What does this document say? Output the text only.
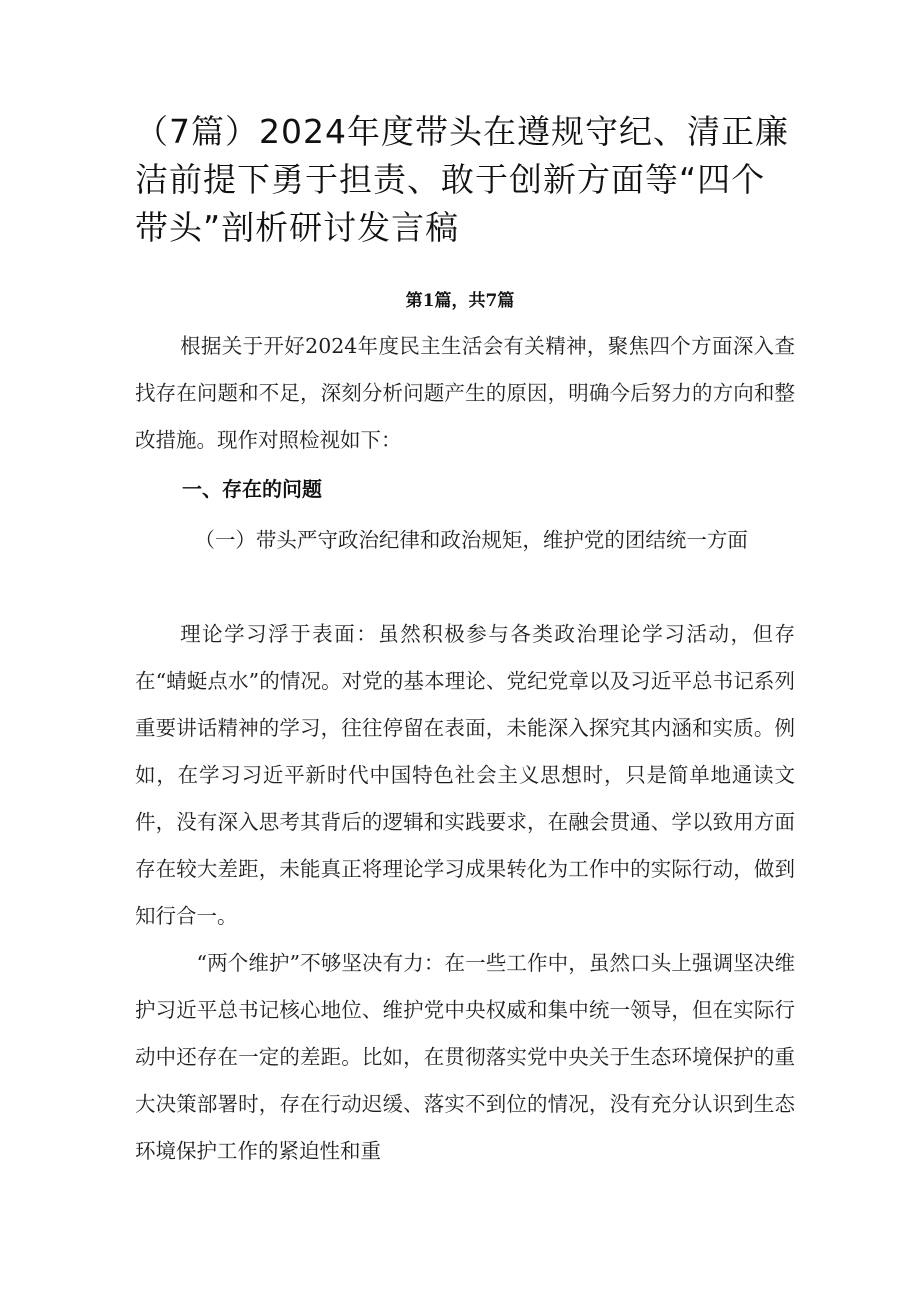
（7篇）2024年度带头在遵规守纪、清正廉洁前提下勇于担责、敢于创新方面等“四个带头”剖析研讨发言稿
第1篇，共7篇

根据关于开好2024年度民主生活会有关精神，聚焦四个方面深入查找存在问题和不足，深刻分析问题产生的原因，明确今后努力的方向和整改措施。现作对照检视如下：

一、存在的问题

（一）带头严守政治纪律和政治规矩，维护党的团结统一方面

理论学习浮于表面：虽然积极参与各类政治理论学习活动，但存在“蜻蜓点水”的情况。对党的基本理论、党纪党章以及习近平总书记系列重要讲话精神的学习，往往停留在表面，未能深入探究其内涵和实质。例如，在学习习近平新时代中国特色社会主义思想时，只是简单地通读文件，没有深入思考其背后的逻辑和实践要求，在融会贯通、学以致用方面存在较大差距，未能真正将理论学习成果转化为工作中的实际行动，做到知行合一。

“两个维护”不够坚决有力：在一些工作中，虽然口头上强调坚决维护习近平总书记核心地位、维护党中央权威和集中统一领导，但在实际行动中还存在一定的差距。比如，在贯彻落实党中央关于生态环境保护的重大决策部署时，存在行动迟缓、落实不到位的情况，没有充分认识到生态环境保护工作的紧迫性和重
